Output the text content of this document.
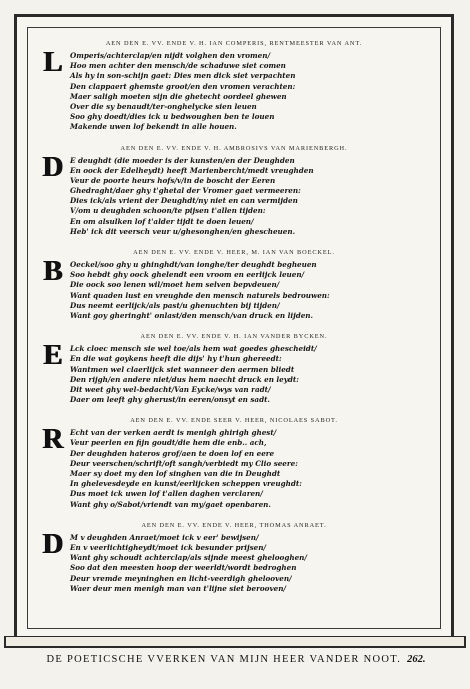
AEN DEN E. VV. ENDE V. H. IAN COMPERIS, RENTMEESTER VAN ANT.
L	Omperis/achterclap/en nijdt volghen den vromen/
Hoo men achter den mensch/de schaduwe siet comen
Als hy in son-schijn gaet: Dies men dick siet verpachten
Den clappaert ghemste groot/en den vromen verachten:
Maer saligh moeten sijn die ghetecht oordeel ghewen
Over die sy benaudt/ter-onghelycke sien leuen
Soo ghy doedt/dies ick u bedwoughen ben te louen
Makende uwen lof bekendt in alle houen.
AEN DEN E. VV. ENDE V. H. AMBROSIVS VAN MARIENBERGH.
D E deughdt (die moeder is der kunsten/en der Deughden
En oock der Edelheydt) heeft Marienbercht/medt vreughden
Veur de poorte heurs hofs/v/in de boscht der Eeren
Ghedraght/daer ghy t'ghetal der Vromer gaet vermeeren:
Dies ick/als vrient der Deughdt/ny niet en can vermijden
V/om u deughden schoon/te pijsen t'allen tijden:
En om alsulken lof t'alder tijdt te doen leuen/
Heb' ick dit veersch veur u/ghesonghen/en ghescheuen.
AEN DEN E. VV. ENDE V. HEER, M. IAN VAN BOECKEL.
B	Oeckel/soo ghy u ghinghdt/van ionghe/ter deughdt begheuen
Soo hebdt ghy oock ghelendt een vroom en eerlijck leuen/
Die oock soo lenen wil/moet hem selven bepvdeuen/
Want quaden lust en vreughde den mensch naturels bedrouwen:
Dus neemt eerlijck/als past/u ghenuchten bij tijden/
Want goy gheringht' onlast/den mensch/van druck en lijden.
AEN DEN E. VV. ENDE V. H. IAN VANDER BYCKEN.
E	Lck cloec mensch sie wel toe/als hem wat goedes ghescheidt/
En die wat goykens heeft die dijs' hy t'hun ghereedt:
Wantmen wel claerlijck siet wanneer den aermen bliedt
Den rijgh/en andere niet/dus hem naecht druck en leydt:
Dit weet ghy wel-bedacht/Van Eycke/wys van radt/
Daer om leeft ghy gherust/in eeren/onsyt en sadt.
AEN DEN E. VV. ENDE SEER V. HEER, NICOLAES SABOT.
R Echt van der verken aerdt is menigh ghirigh ghest/
Veur peerlen en fijn goudt/die hem die enb.. ach,
Der deughden hateros grof/aen te doen lof en eere
Deur veerschen/schrift/oft sangh/verbiedt my Clio seere:
Maer sy doet my den lof singhen van die in Deughdt
In ghelevesdeyde en kunst/eerlijcken scheppen vreughdt:
Dus moet ick uwen lof t'allen daghen verclaren/
Want ghy o/Sabot/vriendt van my/gaet openbaren.
AEN DEN E. VV. ENDE V. HEER, THOMAS ANRAET.
D M v deughden Anraet/moet ick v eer' bewijsen/
En v veerlichtigheydt/moet ick besunder prijsen/
Want ghy schoudt achterclap/als sijnde meest ghelooghen/
Soo dat den meesten hoop der weerldt/wordt bedroghen
Deur vremde meyninghen en licht-veerdigh ghelooven/
Waer deur men menigh man van t'lijne siet berooven/
DE POETICSCHE VVERKEN VAN MIJN HEER VANDER NOOT. 262.
